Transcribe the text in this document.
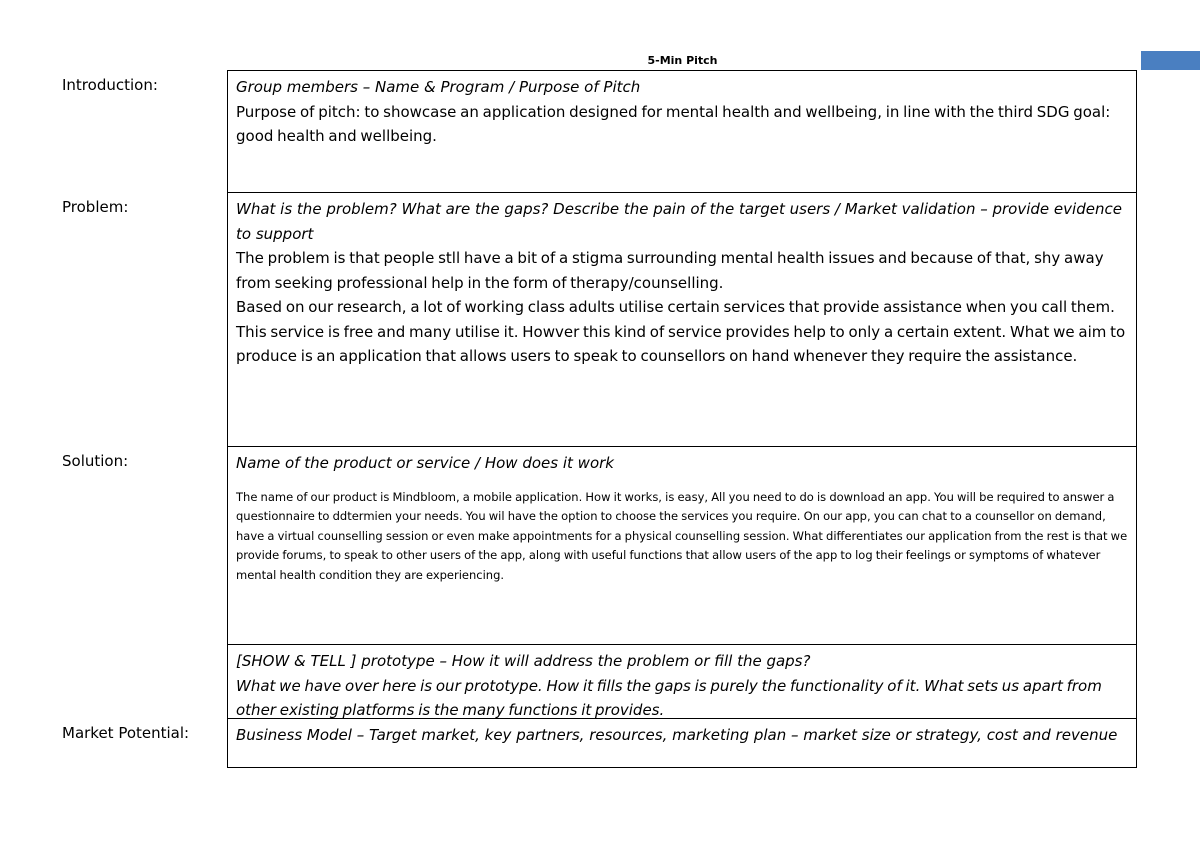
5-Min Pitch
Introduction:	Group members – Name & Program / Purpose of Pitch
Purpose of pitch: to showcase an application designed for mental health and wellbeing, in line with the third SDG goal: good health and wellbeing.
Problem:	What is the problem? What are the gaps? Describe the pain of the target users / Market validation – provide evidence to support
The problem is that people stll have a bit of a stigma surrounding mental health issues and because of that, shy away from seeking professional help in the form of therapy/counselling.
Based on our research, a lot of working class adults utilise certain services that provide assistance when you call them. This service is free and many utilise it. Howver this kind of service provides help to only a certain extent. What we aim to produce is an application that allows users to speak to counsellors on hand whenever they require the assistance.
Solution:	Name of the product or service / How does it work
The name of our product is Mindbloom, a mobile application. How it works, is easy, All you need to do is download an app. You will be required to answer a questionnaire to ddtermien your needs. You wil have the option to choose the services you require. On our app, you can chat to a counsellor on demand, have a virtual counselling session or even make appointments for a physical counselling session. What differentiates our application from the rest is that we provide forums, to speak to other users of the app, along with useful functions that allow users of the app to log their feelings or symptoms of whatever mental health condition they are experiencing.
[SHOW & TELL ] prototype – How it will address the problem or fill the gaps?
What we have over here is our prototype. How it fills the gaps is purely the functionality of it. What sets us apart from other existing platforms is the many functions it provides.
Market Potential:	Business Model – Target market, key partners, resources, marketing plan – market size or strategy, cost and revenue
